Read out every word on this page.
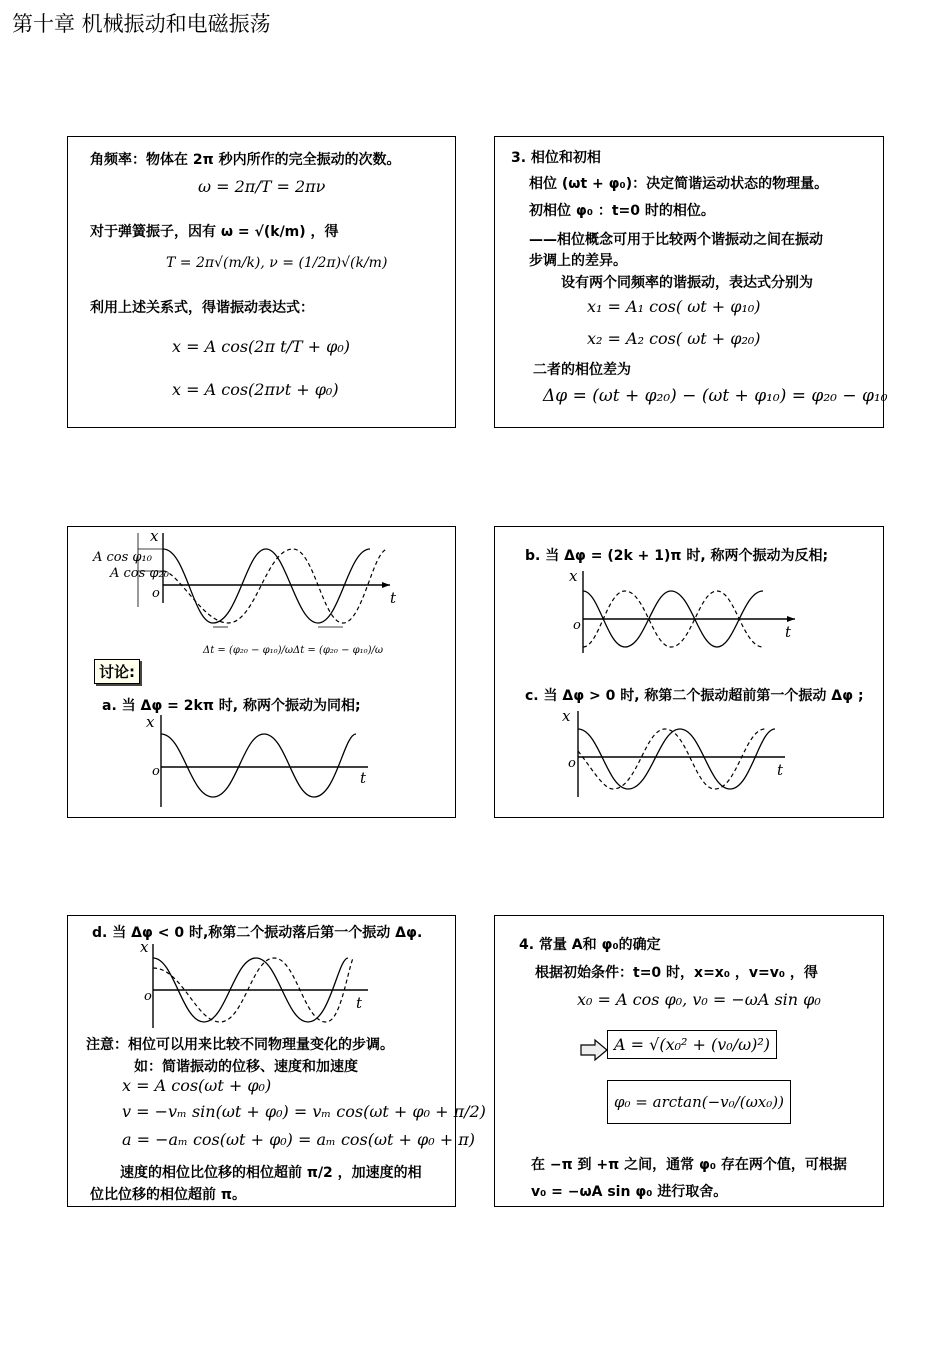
第十章 机械振动和电磁振荡
角频率：物体在 2π 秒内所作的完全振动的次数。
ω = 2π/T = 2πν
对于弹簧振子，因有 ω = √(k/m) ，得
T = 2π√(m/k), ν = (1/2π)√(k/m)
利用上述关系式，得谐振动表达式：
x = A cos(2π t/T + φ₀)
x = A cos(2πνt + φ₀)
3. 相位和初相
相位 (ωt + φ₀)：决定简谐运动状态的物理量。
初相位 φ₀ ：t=0 时的相位。
——相位概念可用于比较两个谐振动之间在振动
步调上的差异。
设有两个同频率的谐振动，表达式分别为
x₁ = A₁ cos( ωt + φ₁₀)
x₂ = A₂ cos( ωt + φ₂₀)
二者的相位差为
Δφ = (ωt + φ₂₀) − (ωt + φ₁₀) = φ₂₀ − φ₁₀
x
t
o
A cos φ₁₀
A cos φ₂₀
Δt = (φ₂₀ − φ₁₀)/ω Δt = (φ₂₀ − φ₁₀)/ω
讨论:
a. 当 Δφ = 2kπ 时, 称两个振动为同相;
x
t
o
b. 当 Δφ = (2k + 1)π 时, 称两个振动为反相;
x
t
o
c. 当 Δφ > 0 时, 称第二个振动超前第一个振动 Δφ ;
x
t
o
d. 当 Δφ < 0 时,称第二个振动落后第一个振动 Δφ.
x
t
o
注意：相位可以用来比较不同物理量变化的步调。
如：简谐振动的位移、速度和加速度
x = A cos(ωt + φ₀)
v = −vₘ sin(ωt + φ₀) = vₘ cos(ωt + φ₀ + π/2)
a = −aₘ cos(ωt + φ₀) = aₘ cos(ωt + φ₀ + π)
速度的相位比位移的相位超前 π/2 ，加速度的相
位比位移的相位超前 π。
4. 常量 A和 φ₀的确定
根据初始条件：t=0 时，x=x₀ ，v=v₀ ，得
x₀ = A cos φ₀, v₀ = −ωA sin φ₀
A = √(x₀² + (v₀/ω)²)
φ₀ = arctan(−v₀/(ωx₀))
在 −π 到 +π 之间，通常 φ₀ 存在两个值，可根据
v₀ = −ωA sin φ₀ 进行取舍。
